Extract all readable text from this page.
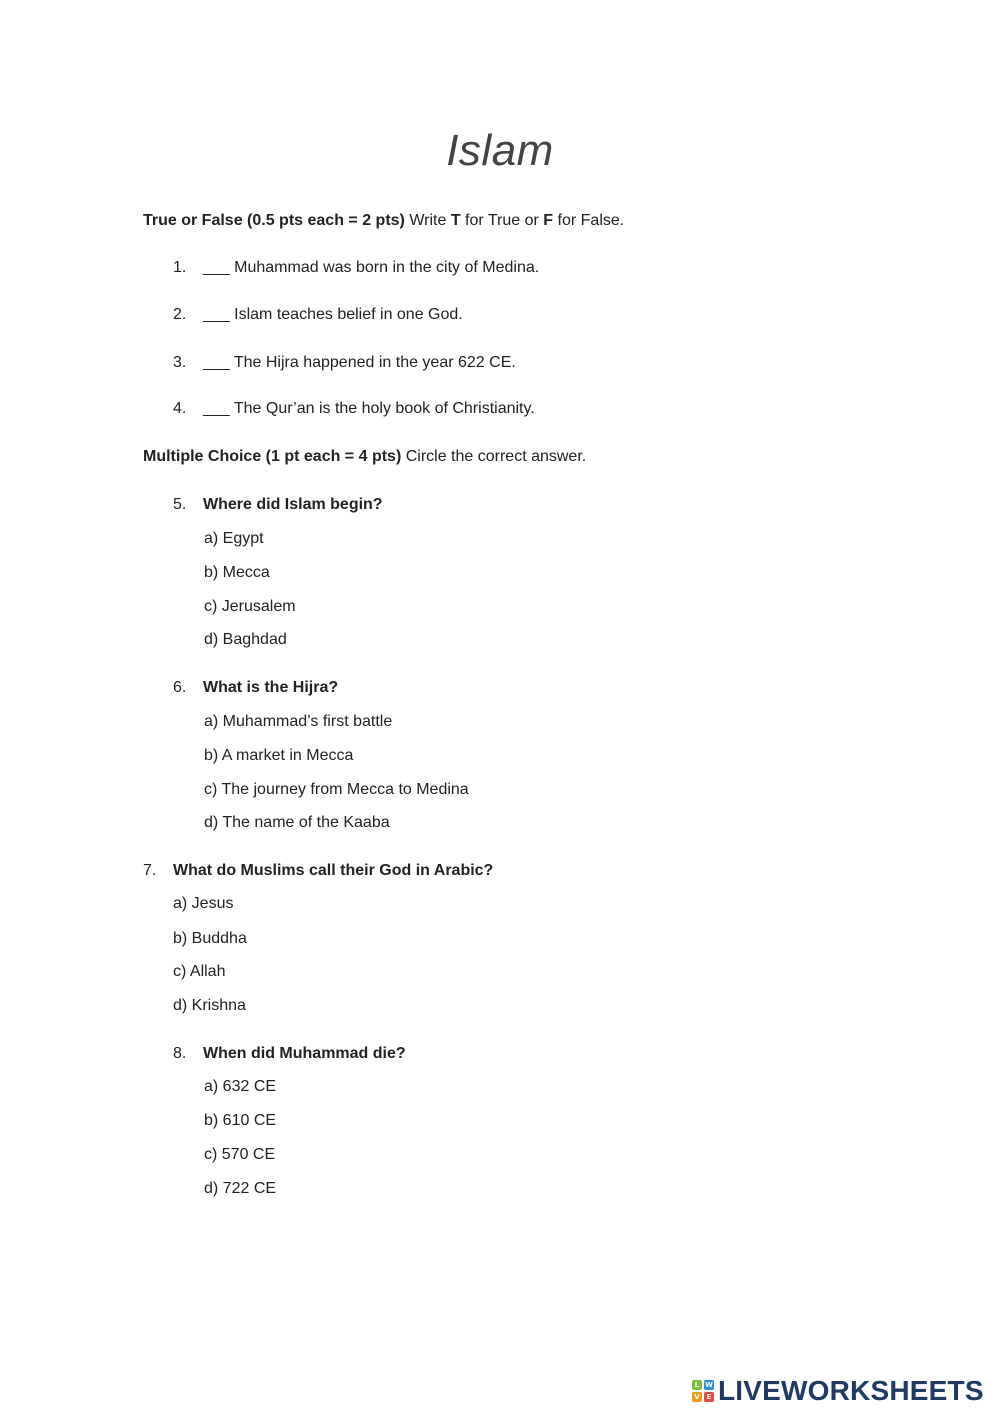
Islam
True or False (0.5 pts each = 2 pts) Write T for True or F for False.
1. ___ Muhammad was born in the city of Medina.
2. ___ Islam teaches belief in one God.
3. ___ The Hijra happened in the year 622 CE.
4. ___ The Qur’an is the holy book of Christianity.
Multiple Choice (1 pt each = 4 pts) Circle the correct answer.
5. Where did Islam begin?
a) Egypt
b) Mecca
c) Jerusalem
d) Baghdad
6. What is the Hijra?
a) Muhammad’s first battle
b) A market in Mecca
c) The journey from Mecca to Medina
d) The name of the Kaaba
7. What do Muslims call their God in Arabic?
a) Jesus
b) Buddha
c) Allah
d) Krishna
8. When did Muhammad die?
a) 632 CE
b) 610 CE
c) 570 CE
d) 722 CE
L W
V E LIVEWORKSHEETS
